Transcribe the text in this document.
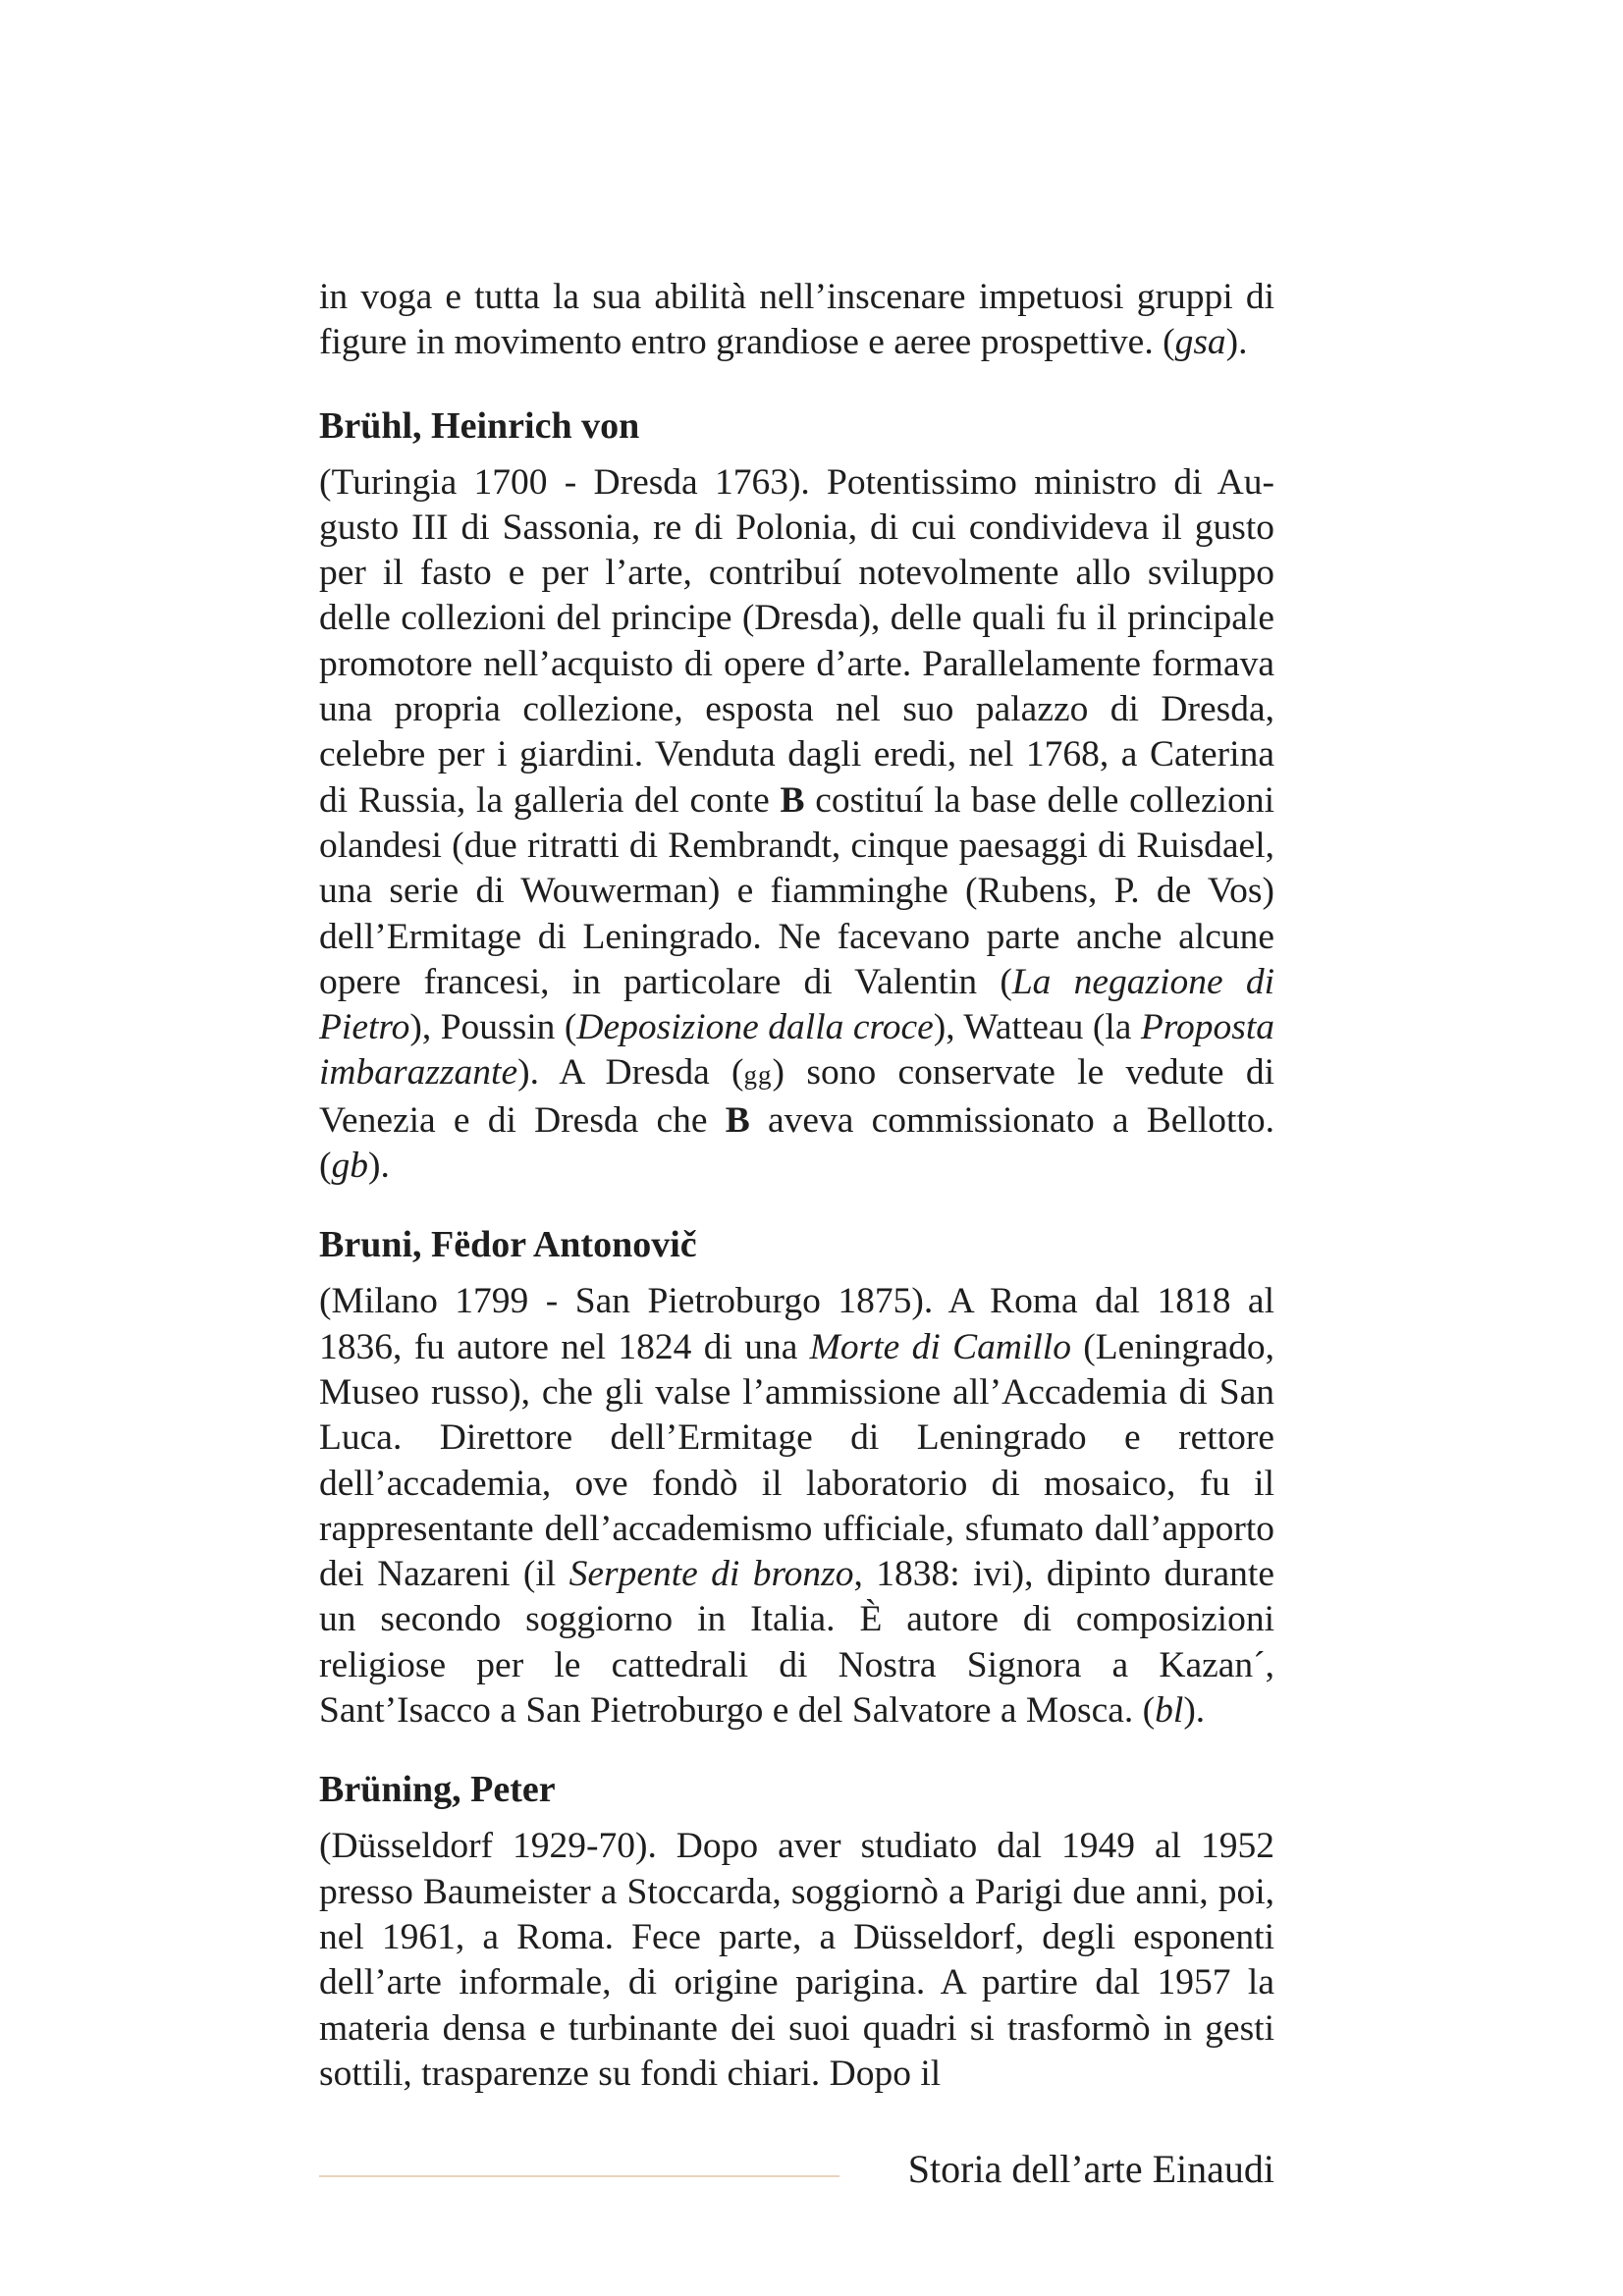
in voga e tutta la sua abilità nell’inscenare impetuosi gruppi di figure in movimento entro grandiose e aeree prospettive. (gsa).

Brühl, Heinrich von

(Turingia 1700 - Dresda 1763). Potentissimo ministro di Augusto III di Sassonia, re di Polonia, di cui condivideva il gusto per il fasto e per l’arte, contribuí notevolmente allo sviluppo delle collezioni del principe (Dresda), delle quali fu il principale promotore nell’acquisto di opere d’arte. Parallelamente formava una propria collezione, esposta nel suo palazzo di Dresda, celebre per i giardini. Venduta dagli eredi, nel 1768, a Caterina di Russia, la galleria del conte B costituí la base delle collezioni olandesi (due ritratti di Rembrandt, cinque paesaggi di Ruisdael, una serie di Wouwerman) e fiamminghe (Rubens, P. de Vos) dell’Ermitage di Leningrado. Ne facevano parte anche alcune opere francesi, in particolare di Valentin (La negazione di Pietro), Poussin (Deposizione dalla croce), Watteau (la Proposta imbarazzante). A Dresda (gg) sono conservate le vedute di Venezia e di Dresda che B aveva commissionato a Bellotto. (gb).

Bruni, Fëdor Antonovič

(Milano 1799 - San Pietroburgo 1875). A Roma dal 1818 al 1836, fu autore nel 1824 di una Morte di Camillo (Leningrado, Museo russo), che gli valse l’ammissione all’Accademia di San Luca. Direttore dell’Ermitage di Leningrado e rettore dell’accademia, ove fondò il laboratorio di mosaico, fu il rappresentante dell’accademismo ufficiale, sfumato dall’apporto dei Nazareni (il Serpente di bronzo, 1838: ivi), dipinto durante un secondo soggiorno in Italia. È autore di composizioni religiose per le cattedrali di Nostra Signora a Kazan´, Sant’Isacco a San Pietroburgo e del Salvatore a Mosca. (bl).

Brüning, Peter

(Düsseldorf 1929-70). Dopo aver studiato dal 1949 al 1952 presso Baumeister a Stoccarda, soggiornò a Parigi due anni, poi, nel 1961, a Roma. Fece parte, a Düsseldorf, degli esponenti dell’arte informale, di origine parigina. A partire dal 1957 la materia densa e turbinante dei suoi quadri si trasformò in gesti sottili, trasparenze su fondi chiari. Dopo il

Storia dell’arte Einaudi
